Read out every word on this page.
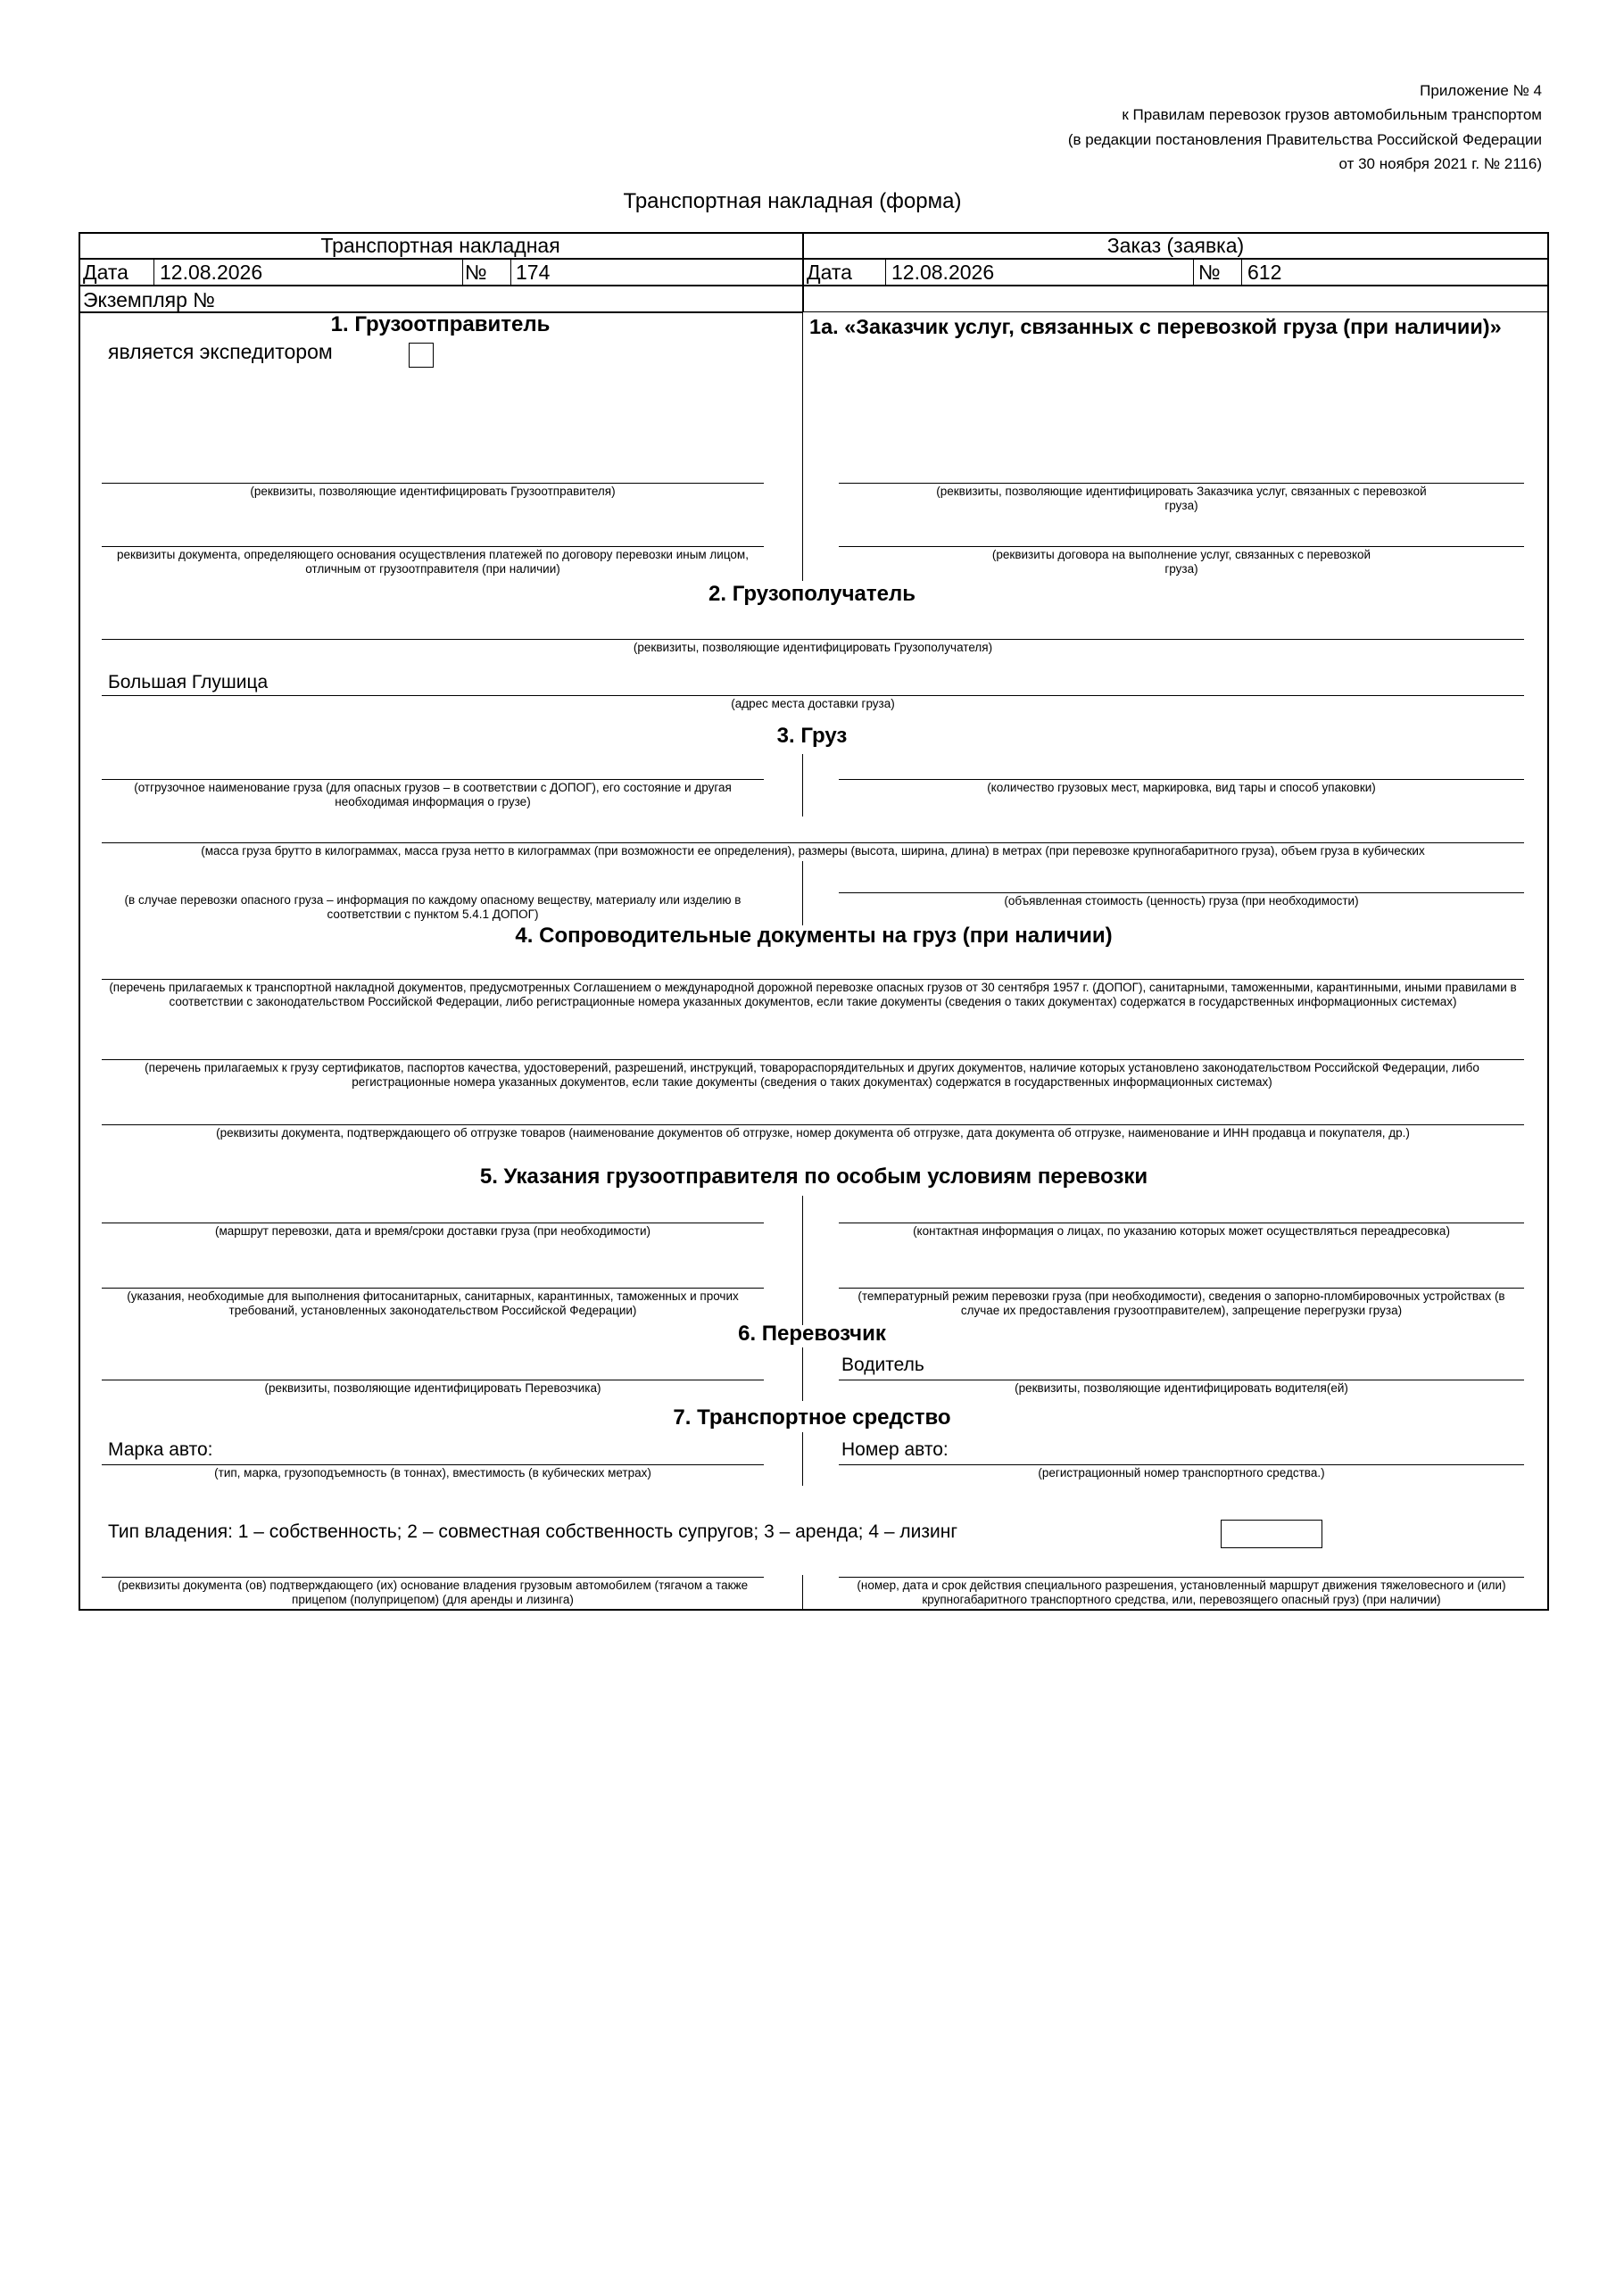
Приложение № 4
к Правилам перевозок грузов автомобильным транспортом
(в редакции постановления Правительства Российской Федерации
от 30 ноября 2021 г. № 2116)
Транспортная накладная (форма)
Транспортная накладная	Заказ (заявка)
Дата 12.08.2026	№ 174	Дата 12.08.2026	№ 612
Экземпляр №
1. Грузоотправитель
является экспедитором
1а. «Заказчик услуг, связанных с перевозкой груза (при наличии)»
(реквизиты, позволяющие идентифицировать Грузоотправителя)	(реквизиты, позволяющие идентифицировать Заказчика услуг, связанных с перевозкой груза)
реквизиты документа, определяющего основания осуществления платежей по договору перевозки иным лицом, отличным от грузоотправителя (при наличии)
(реквизиты договора на выполнение услуг, связанных с перевозкой груза)
2. Грузополучатель
(реквизиты, позволяющие идентифицировать Грузополучателя)
Большая Глушица
(адрес места доставки груза)
3. Груз
(отгрузочное наименование груза (для опасных грузов – в соответствии с ДОПОГ), его состояние и другая необходимая информация о грузе)
(количество грузовых мест, маркировка, вид тары и способ упаковки)
(масса груза брутто в килограммах, масса груза нетто в килограммах (при возможности ее определения), размеры (высота, ширина, длина) в метрах (при перевозке крупногабаритного груза), объем груза в кубических
(в случае перевозки опасного груза – информация по каждому опасному веществу, материалу или изделию в соответствии с пунктом 5.4.1 ДОПОГ)
(объявленная стоимость (ценность) груза (при необходимости)
4. Сопроводительные документы на груз (при наличии)
(перечень прилагаемых к транспортной накладной документов, предусмотренных Соглашением о международной дорожной перевозке опасных грузов от 30 сентября 1957 г. (ДОПОГ), санитарными, таможенными, карантинными, иными правилами в соответствии с законодательством Российской Федерации, либо регистрационные номера указанных документов, если такие документы (сведения о таких документах) содержатся в государственных информационных системах)
(перечень прилагаемых к грузу сертификатов, паспортов качества, удостоверений, разрешений, инструкций, товарораспорядительных и других документов, наличие которых установлено законодательством Российской Федерации, либо регистрационные номера указанных документов, если такие документы (сведения о таких документах) содержатся в государственных информационных системах)
(реквизиты документа, подтверждающего об отгрузке товаров (наименование документов об отгрузке, номер документа об отгрузке, дата документа об отгрузке, наименование и ИНН продавца и покупателя, др.)
5. Указания грузоотправителя по особым условиям перевозки
(маршрут перевозки, дата и время/сроки доставки груза (при необходимости)	(контактная информация о лицах, по указанию которых может осуществляться переадресовка)
(указания, необходимые для выполнения фитосанитарных, санитарных, карантинных, таможенных и прочих требований, установленных законодательством Российской Федерации)
(температурный режим перевозки груза (при необходимости), сведения о запорно-пломбировочных устройствах (в случае их предоставления грузоотправителем), запрещение перегрузки груза)
6. Перевозчик
Водитель
(реквизиты, позволяющие идентифицировать Перевозчика)	(реквизиты, позволяющие идентифицировать водителя(ей)
7. Транспортное средство
Марка авто:	Номер авто:
(тип, марка, грузоподъемность (в тоннах), вместимость (в кубических метрах)	(регистрационный номер транспортного средства.)
Тип владения: 1 – собственность; 2 – совместная собственность супругов; 3 – аренда; 4 – лизинг
(реквизиты документа (ов) подтверждающего (их) основание владения грузовым автомобилем (тягачом а также прицепом (полуприцепом) (для аренды и лизинга)
(номер, дата и срок действия специального разрешения, установленный маршрут движения тяжеловесного и (или) крупногабаритного транспортного средства, или, перевозящего опасный груз) (при наличии)
